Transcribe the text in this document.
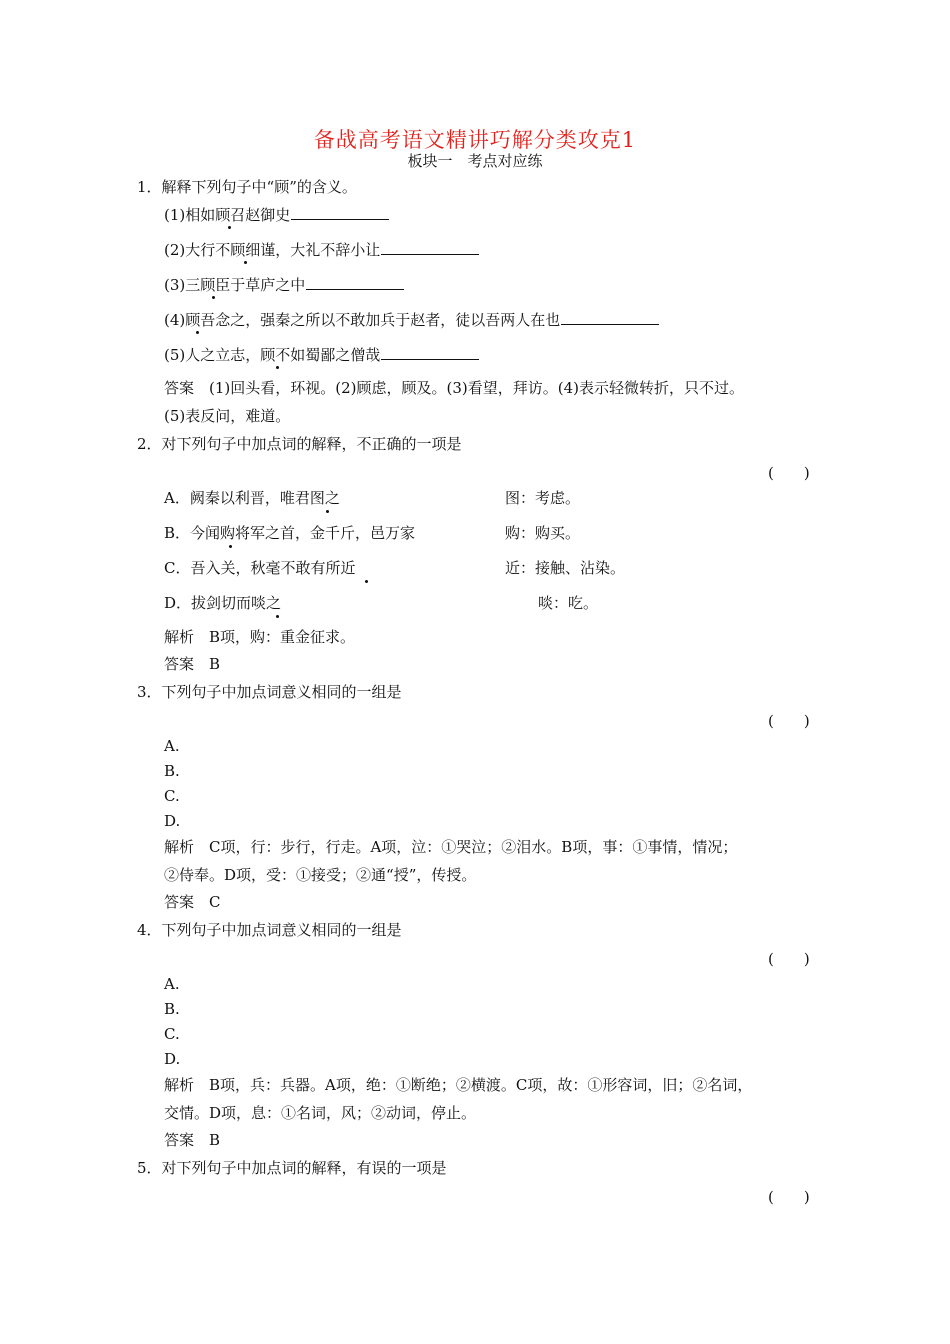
备战高考语文精讲巧解分类攻克1
板块一　考点对应练
1．解释下列句子中“顾”的含义。
(1)相如顾召赵御史
(2)大行不顾细谨，大礼不辞小让
(3)三顾臣于草庐之中
(4)顾吾念之，强秦之所以不敢加兵于赵者，徒以吾两人在也
(5)人之立志，顾不如蜀鄙之僧哉
答案　(1)回头看，环视。(2)顾虑，顾及。(3)看望，拜访。(4)表示轻微转折，只不过。
(5)表反问，难道。
2．对下列句子中加点词的解释，不正确的一项是
(　　)
A．阙秦以利晋，唯君图之	图：考虑。
B．今闻购将军之首，金千斤，邑万家	购：购买。
C．吾入关，秋毫不敢有所近	近：接触、沾染。
D．拔剑切而啖之	啖：吃。
解析　B项，购：重金征求。
答案　B
3．下列句子中加点词意义相同的一组是
(　　)
A.
B.
C.
D.
解析　C项，行：步行，行走。A项，泣：①哭泣；②泪水。B项，事：①事情，情况；
②侍奉。D项，受：①接受；②通“授”，传授。
答案　C
4．下列句子中加点词意义相同的一组是
(　　)
A.
B.
C.
D.
解析　B项，兵：兵器。A项，绝：①断绝；②横渡。C项，故：①形容词，旧；②名词，
交情。D项，息：①名词，风；②动词，停止。
答案　B
5．对下列句子中加点词的解释，有误的一项是
(　　)
